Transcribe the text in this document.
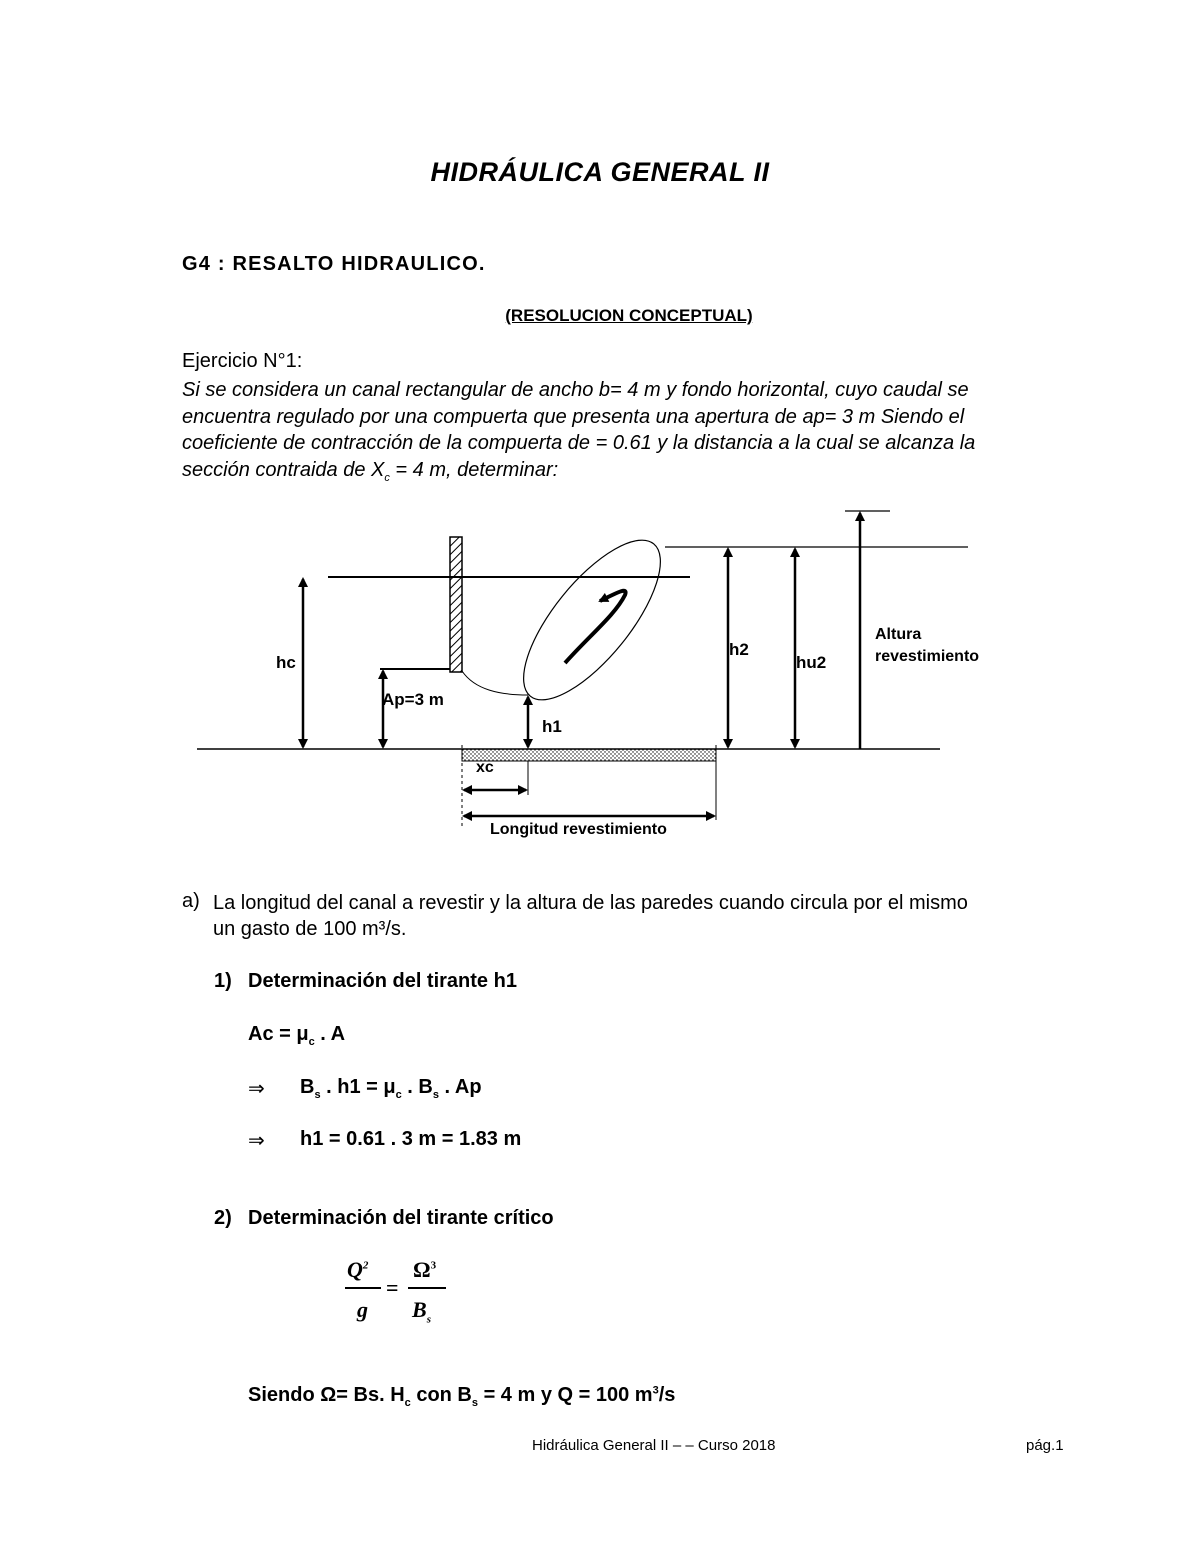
HIDRÁULICA GENERAL II
G4 : RESALTO HIDRAULICO.
(RESOLUCION CONCEPTUAL)
Ejercicio N°1:
Si se considera un canal rectangular de ancho b= 4 m y fondo horizontal, cuyo caudal se
encuentra regulado por una compuerta que presenta una apertura de ap= 3 m Siendo el
coeficiente de contracción de la compuerta de = 0.61 y la distancia a la cual se alcanza la
sección contraida de $X_c = 4$ m, determinar:
hc
Ap=3 m
h1
h2
hu2
Altura
revestimiento
xc
Longitud revestimiento
a) La longitud del canal a revestir y la altura de las paredes cuando circula por el mismo
un gasto de 100 m³/s.
1) Determinación del tirante h1
$Ac = \mu_c$ . A
⇒ $B_s$ . $h1 = \mu_c$ . $B_s$ . Ap
⇒ h1 = 0.61 . 3 m = 1.83 m
2) Determinación del tirante crítico
$Q^2$
g
=
$\Omega^3$
$B_s$
Siendo Ω= Bs. $H_c$ con $B_s = 4$ m y Q = 100 $m^3/s$
Hidráulica General II – – Curso 2018	pág.1
